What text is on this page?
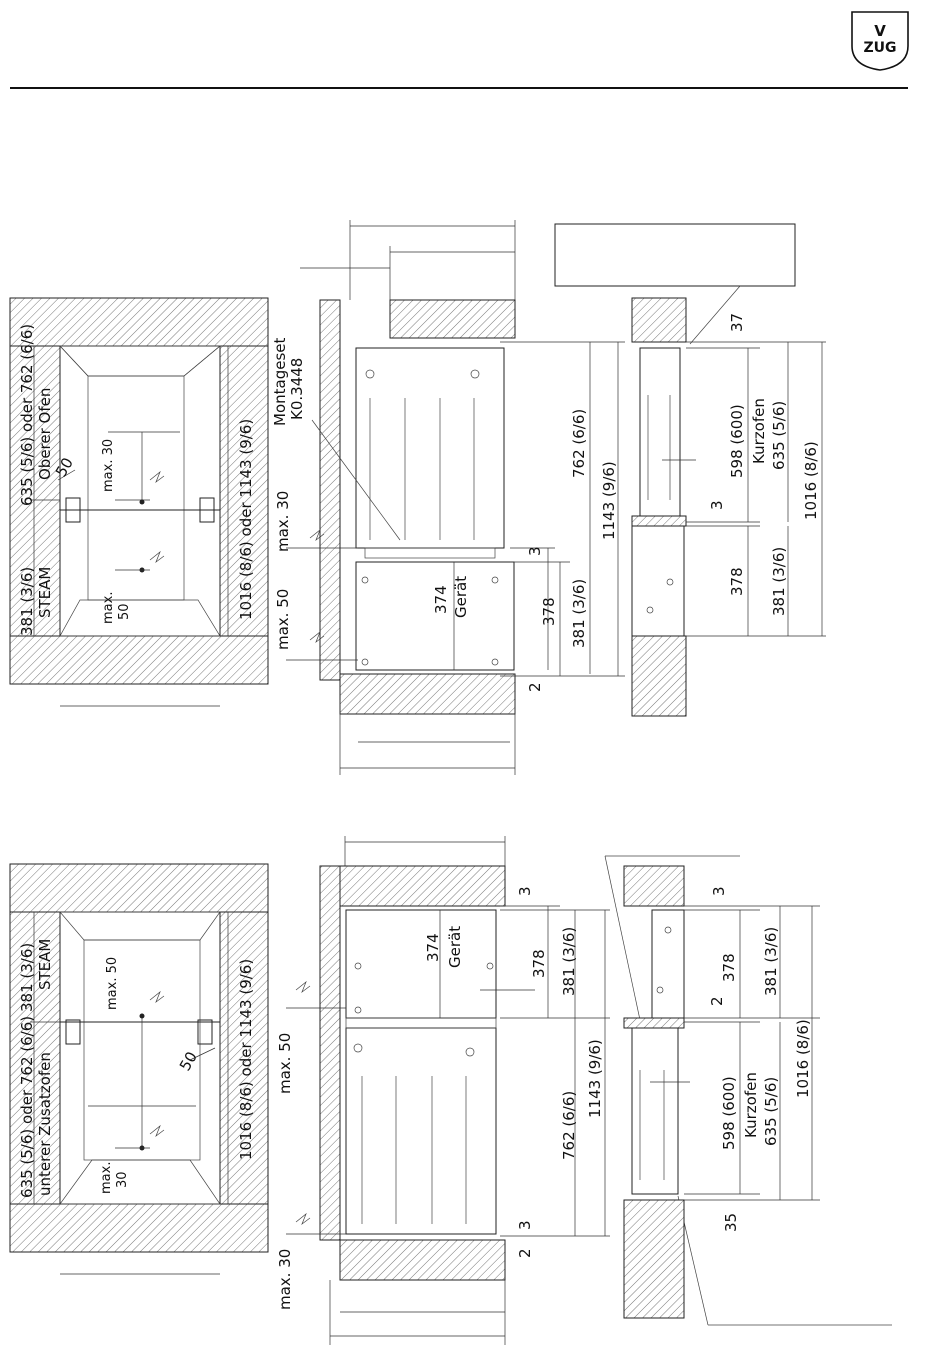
V
ZUG
635 (5/6) oder 762 (6/6) Oberer Ofen	1016 (8/6) oder 1143 (9/6)
381 (3/6) STEAM
50 max. 30
max. 50
Montageset K0.3448
max. 30
max. 50	374 Gerät
3
378 381 (3/6)
762 (6/6)
1143 (9/6)
2
37
598 (600) Kurzofen 635 (5/6)
1016 (8/6)
3
378 381 (3/6)
381 (3/6) STEAM
635 (5/6) oder 762 (6/6) unterer Zusatzofen	1016 (8/6) oder 1143 (9/6)
50
max. 50
max. 30
max. 50
max. 30
374 Gerät
3
378 381 (3/6)
762 (6/6)
1143 (9/6)
3
2
3
378 381 (3/6)
2
598 (600) Kurzofen 635 (5/6)
1016 (8/6)
35
